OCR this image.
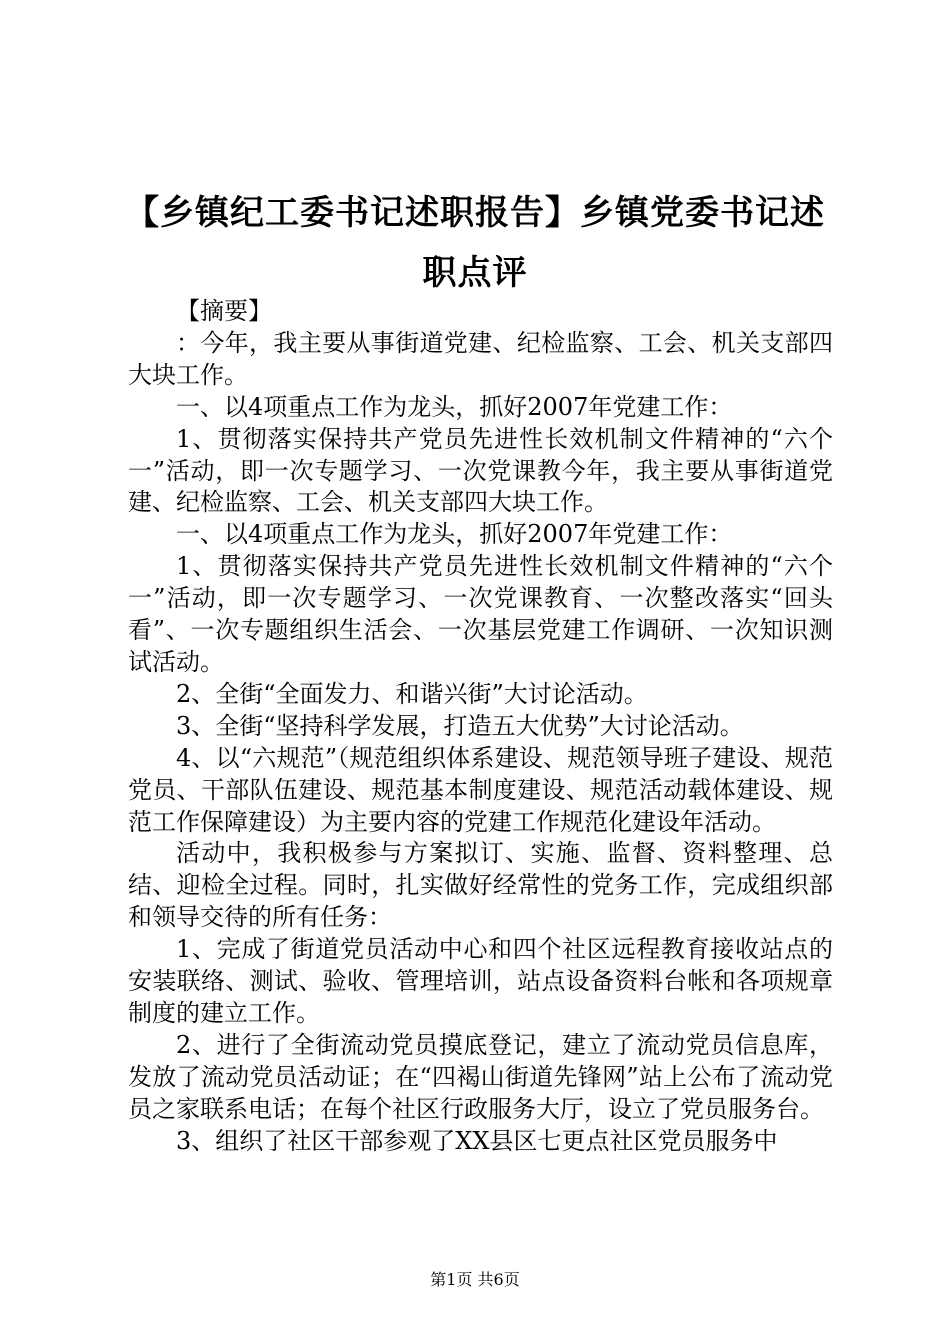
【乡镇纪工委书记述职报告】乡镇党委书记述职点评

【摘要】

：今年，我主要从事街道党建、纪检监察、工会、机关支部四大块工作。

一、以4项重点工作为龙头，抓好2007年党建工作：

1、贯彻落实保持共产党员先进性长效机制文件精神的“六个一”活动，即一次专题学习、一次党课教今年，我主要从事街道党建、纪检监察、工会、机关支部四大块工作。

一、以4项重点工作为龙头，抓好2007年党建工作：

1、贯彻落实保持共产党员先进性长效机制文件精神的“六个一”活动，即一次专题学习、一次党课教育、一次整改落实“回头看”、一次专题组织生活会、一次基层党建工作调研、一次知识测试活动。

2、全街“全面发力、和谐兴街”大讨论活动。

3、全街“坚持科学发展，打造五大优势”大讨论活动。

4、以“六规范”（规范组织体系建设、规范领导班子建设、规范党员、干部队伍建设、规范基本制度建设、规范活动载体建设、规范工作保障建设）为主要内容的党建工作规范化建设年活动。

活动中，我积极参与方案拟订、实施、监督、资料整理、总结、迎检全过程。同时，扎实做好经常性的党务工作，完成组织部和领导交待的所有任务：

1、完成了街道党员活动中心和四个社区远程教育接收站点的安装联络、测试、验收、管理培训，站点设备资料台帐和各项规章制度的建立工作。

2、进行了全街流动党员摸底登记，建立了流动党员信息库，发放了流动党员活动证；在“四褐山街道先锋网”站上公布了流动党员之家联系电话；在每个社区行政服务大厅，设立了党员服务台。

3、组织了社区干部参观了XX县区七更点社区党员服务中

第1页 共6页
